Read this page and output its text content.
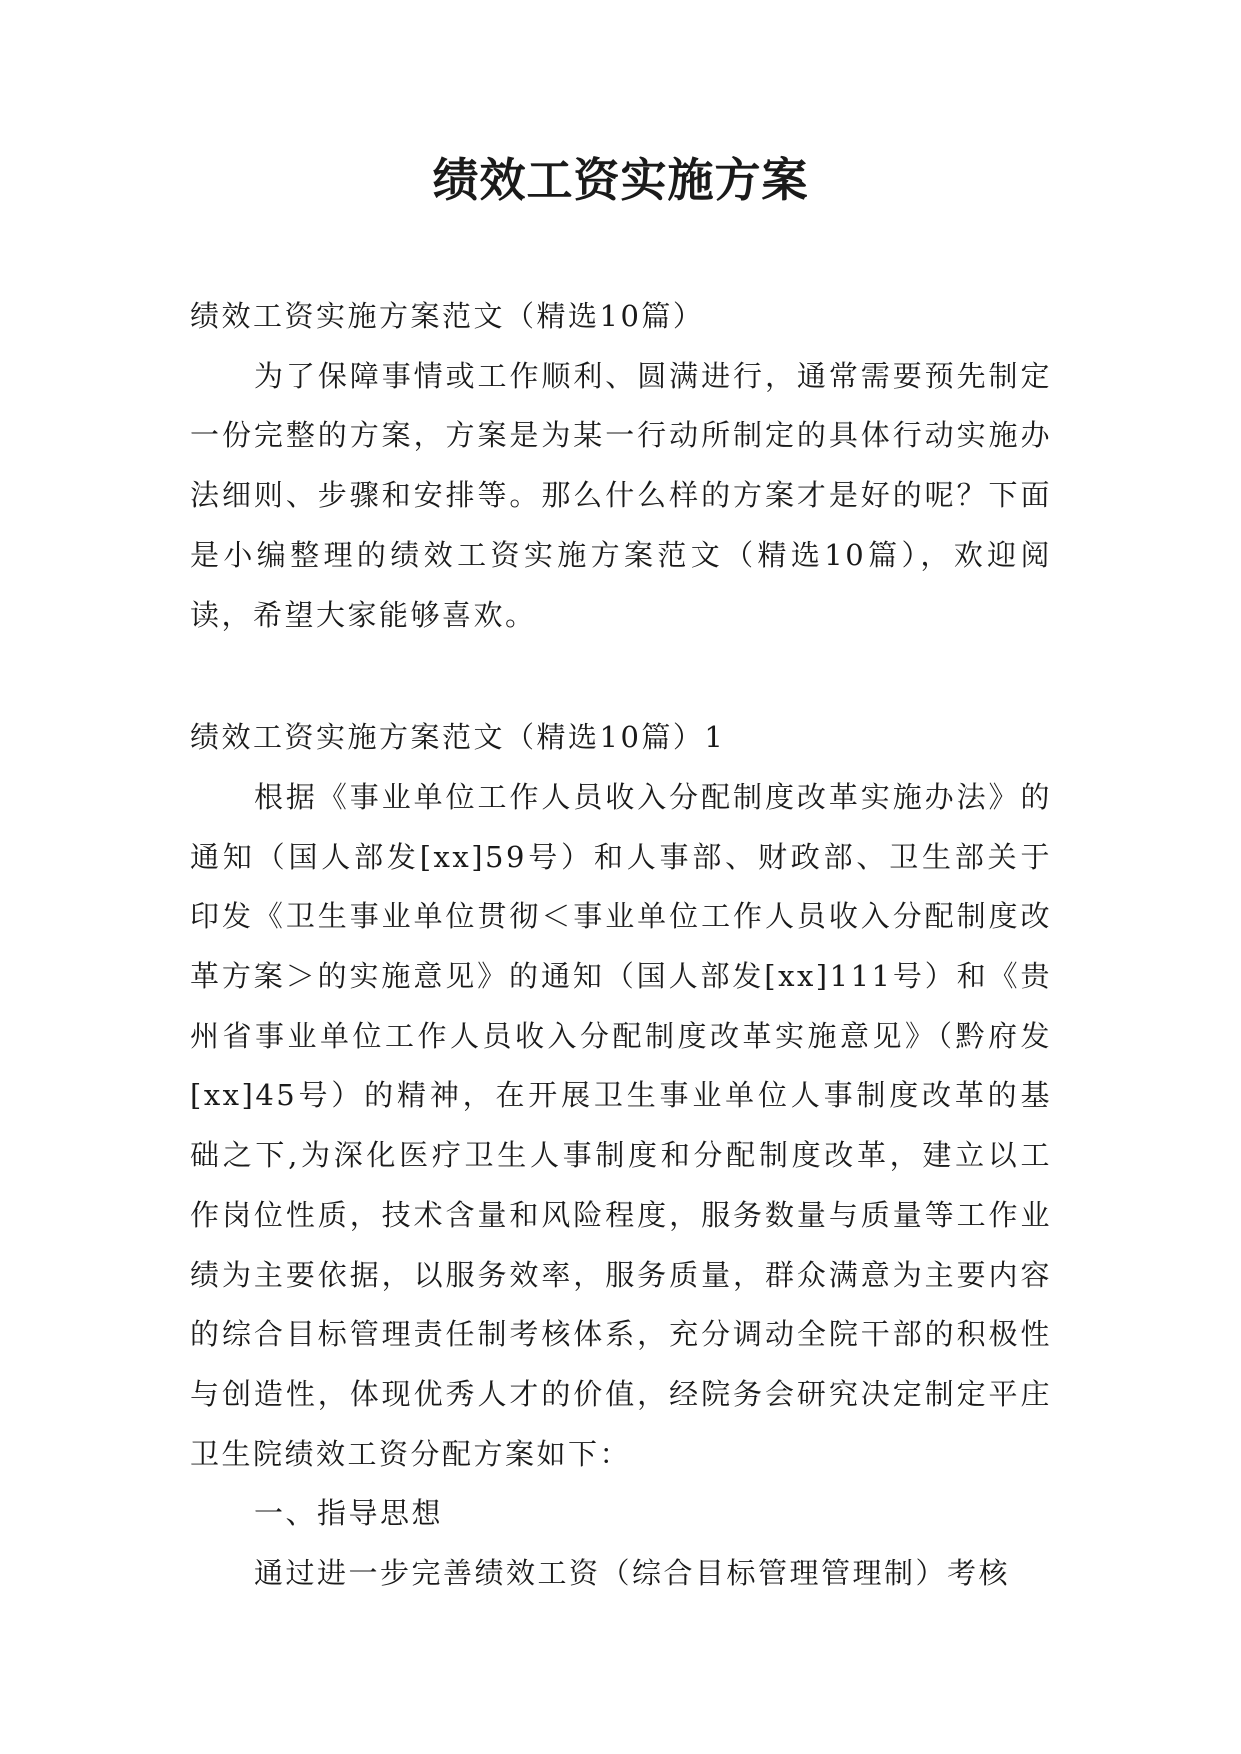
绩效工资实施方案

绩效工资实施方案范文（精选10篇）

为了保障事情或工作顺利、圆满进行，通常需要预先制定一份完整的方案，方案是为某一行动所制定的具体行动实施办法细则、步骤和安排等。那么什么样的方案才是好的呢？下面是小编整理的绩效工资实施方案范文（精选10篇），欢迎阅读，希望大家能够喜欢。

绩效工资实施方案范文（精选10篇）1

根据《事业单位工作人员收入分配制度改革实施办法》的通知（国人部发[xx]59号）和人事部、财政部、卫生部关于印发《卫生事业单位贯彻＜事业单位工作人员收入分配制度改革方案＞的实施意见》的通知（国人部发[xx]111号）和《贵州省事业单位工作人员收入分配制度改革实施意见》（黔府发[xx]45号）的精神，在开展卫生事业单位人事制度改革的基础之下,为深化医疗卫生人事制度和分配制度改革，建立以工作岗位性质，技术含量和风险程度，服务数量与质量等工作业绩为主要依据，以服务效率，服务质量，群众满意为主要内容的综合目标管理责任制考核体系，充分调动全院干部的积极性与创造性，体现优秀人才的价值，经院务会研究决定制定平庄卫生院绩效工资分配方案如下：

一、指导思想

通过进一步完善绩效工资（综合目标管理管理制）考核
